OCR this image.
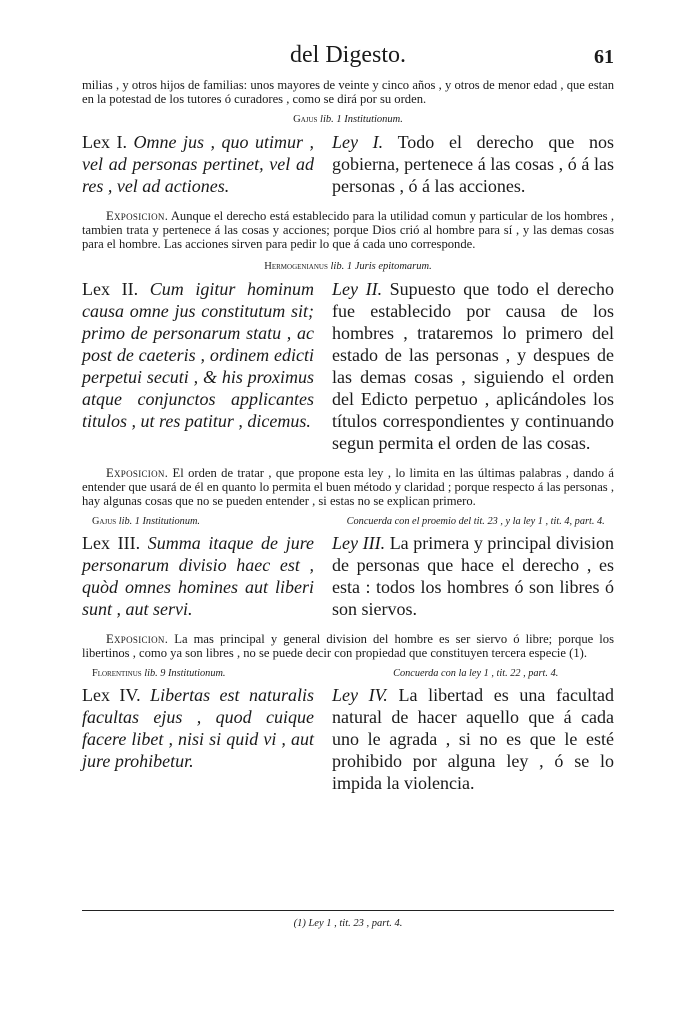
del Digesto.	61

milias , y otros hijos de familias: unos mayores de veinte y cinco años , y otros de menor edad , que estan en la potestad de los tutores ó curadores , como se dirá por su orden.

Gajus lib. 1 Institutionum.
Lex I. Omne jus , quo utimur , vel ad personas pertinet, vel ad res , vel ad actiones.
Ley I. Todo el derecho que nos gobierna, pertenece á las cosas , ó á las personas , ó á las acciones.

Exposicion. Aunque el derecho está establecido para la utilidad comun y particular de los hombres , tambien trata y pertenece á las cosas y acciones; porque Dios crió al hombre para sí , y las demas cosas para el hombre. Las acciones sirven para pedir lo que á cada uno corresponde.

Hermogenianus lib. 1 Juris epitomarum.
Lex II. Cum igitur hominum causa omne jus constitutum sit; primo de personarum statu , ac post de caeteris , ordinem edicti perpetui secuti , & his proximus atque conjunctos applicantes titulos , ut res patitur , dicemus.
Ley II. Supuesto que todo el derecho fue establecido por causa de los hombres , trataremos lo primero del estado de las personas , y despues de las demas cosas , siguiendo el orden del Edicto perpetuo , aplicándoles los títulos correspondientes y continuando segun permita el orden de las cosas.

Exposicion. El orden de tratar , que propone esta ley , lo limita en las últimas palabras , dando á entender que usará de él en quanto lo permita el buen método y claridad ; porque respecto á las personas , hay algunas cosas que no se pueden entender , si estas no se explican primero.

Gajus lib. 1 Institutionum.	Concuerda con el proemio del tit. 23 , y la ley 1 , tit. 4, part. 4.
Lex III. Summa itaque de jure personarum divisio haec est , quòd omnes homines aut liberi sunt , aut servi.
Ley III. La primera y principal division de personas que hace el derecho , es esta : todos los hombres ó son libres ó son siervos.

Exposicion. La mas principal y general division del hombre es ser siervo ó libre; porque los libertinos , como ya son libres , no se puede decir con propiedad que constituyen tercera especie (1).

Florentinus lib. 9 Institutionum.	Concuerda con la ley 1 , tit. 22 , part. 4.
Lex IV. Libertas est naturalis facultas ejus , quod cuique facere libet , nisi si quid vi , aut jure prohibetur.
Ley IV. La libertad es una facultad natural de hacer aquello que á cada uno le agrada , si no es que le esté prohibido por alguna ley , ó se lo impida la violencia.
(1) Ley 1 , tit. 23 , part. 4.
